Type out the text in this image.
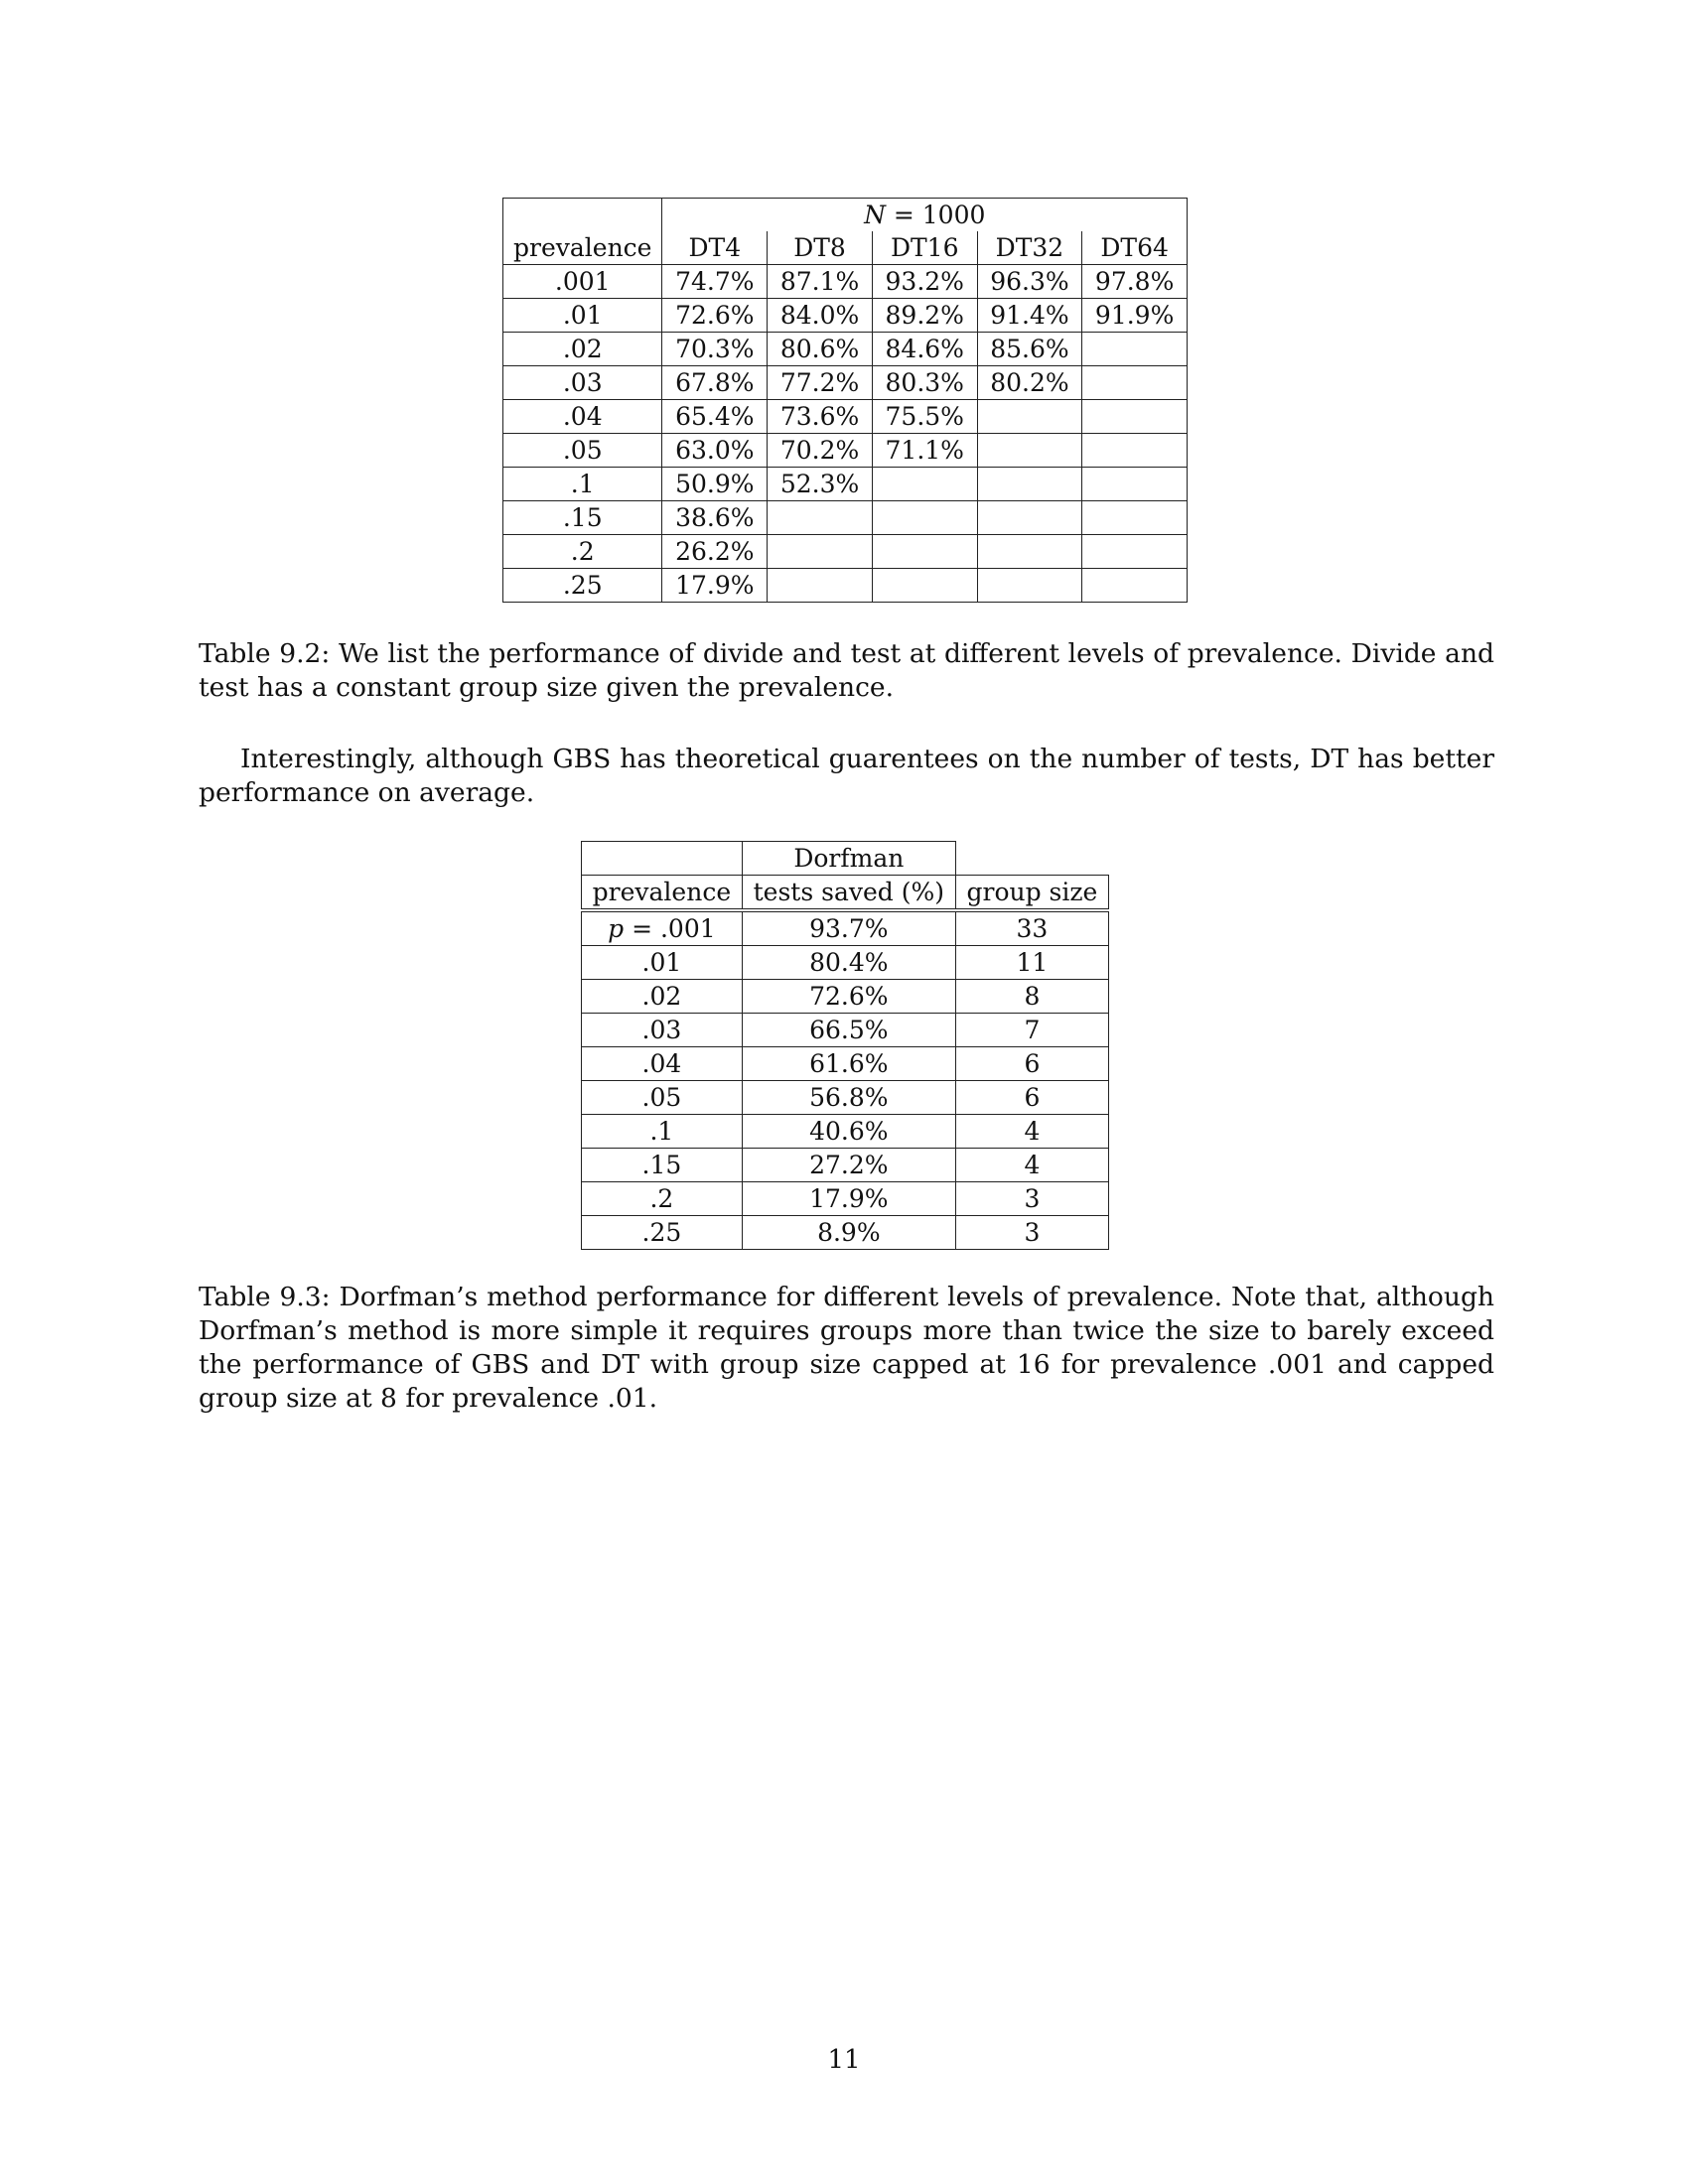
	N = 1000				
prevalence	DT4	DT8	DT16	DT32	DT64
.001	74.7%	87.1%	93.2%	96.3%	97.8%
.01	72.6%	84.0%	89.2%	91.4%	91.9%
.02	70.3%	80.6%	84.6%	85.6%	
.03	67.8%	77.2%	80.3%	80.2%	
.04	65.4%	73.6%	75.5%		
.05	63.0%	70.2%	71.1%		
.1	50.9%	52.3%			
.15	38.6%				
.2	26.2%				
.25	17.9%				

Table 9.2: We list the performance of divide and test at different levels of prevalence. Divide and test has a constant group size given the prevalence.

Interestingly, although GBS has theoretical guarentees on the number of tests, DT has better performance on average.

	Dorfman	
prevalence	tests saved (%)	group size
p = .001	93.7%	33
.01	80.4%	11
.02	72.6%	8
.03	66.5%	7
.04	61.6%	6
.05	56.8%	6
.1	40.6%	4
.15	27.2%	4
.2	17.9%	3
.25	8.9%	3

Table 9.3: Dorfman’s method performance for different levels of prevalence. Note that, although Dorfman’s method is more simple it requires groups more than twice the size to barely exceed the performance of GBS and DT with group size capped at 16 for prevalence .001 and capped group size at 8 for prevalence .01.

11
